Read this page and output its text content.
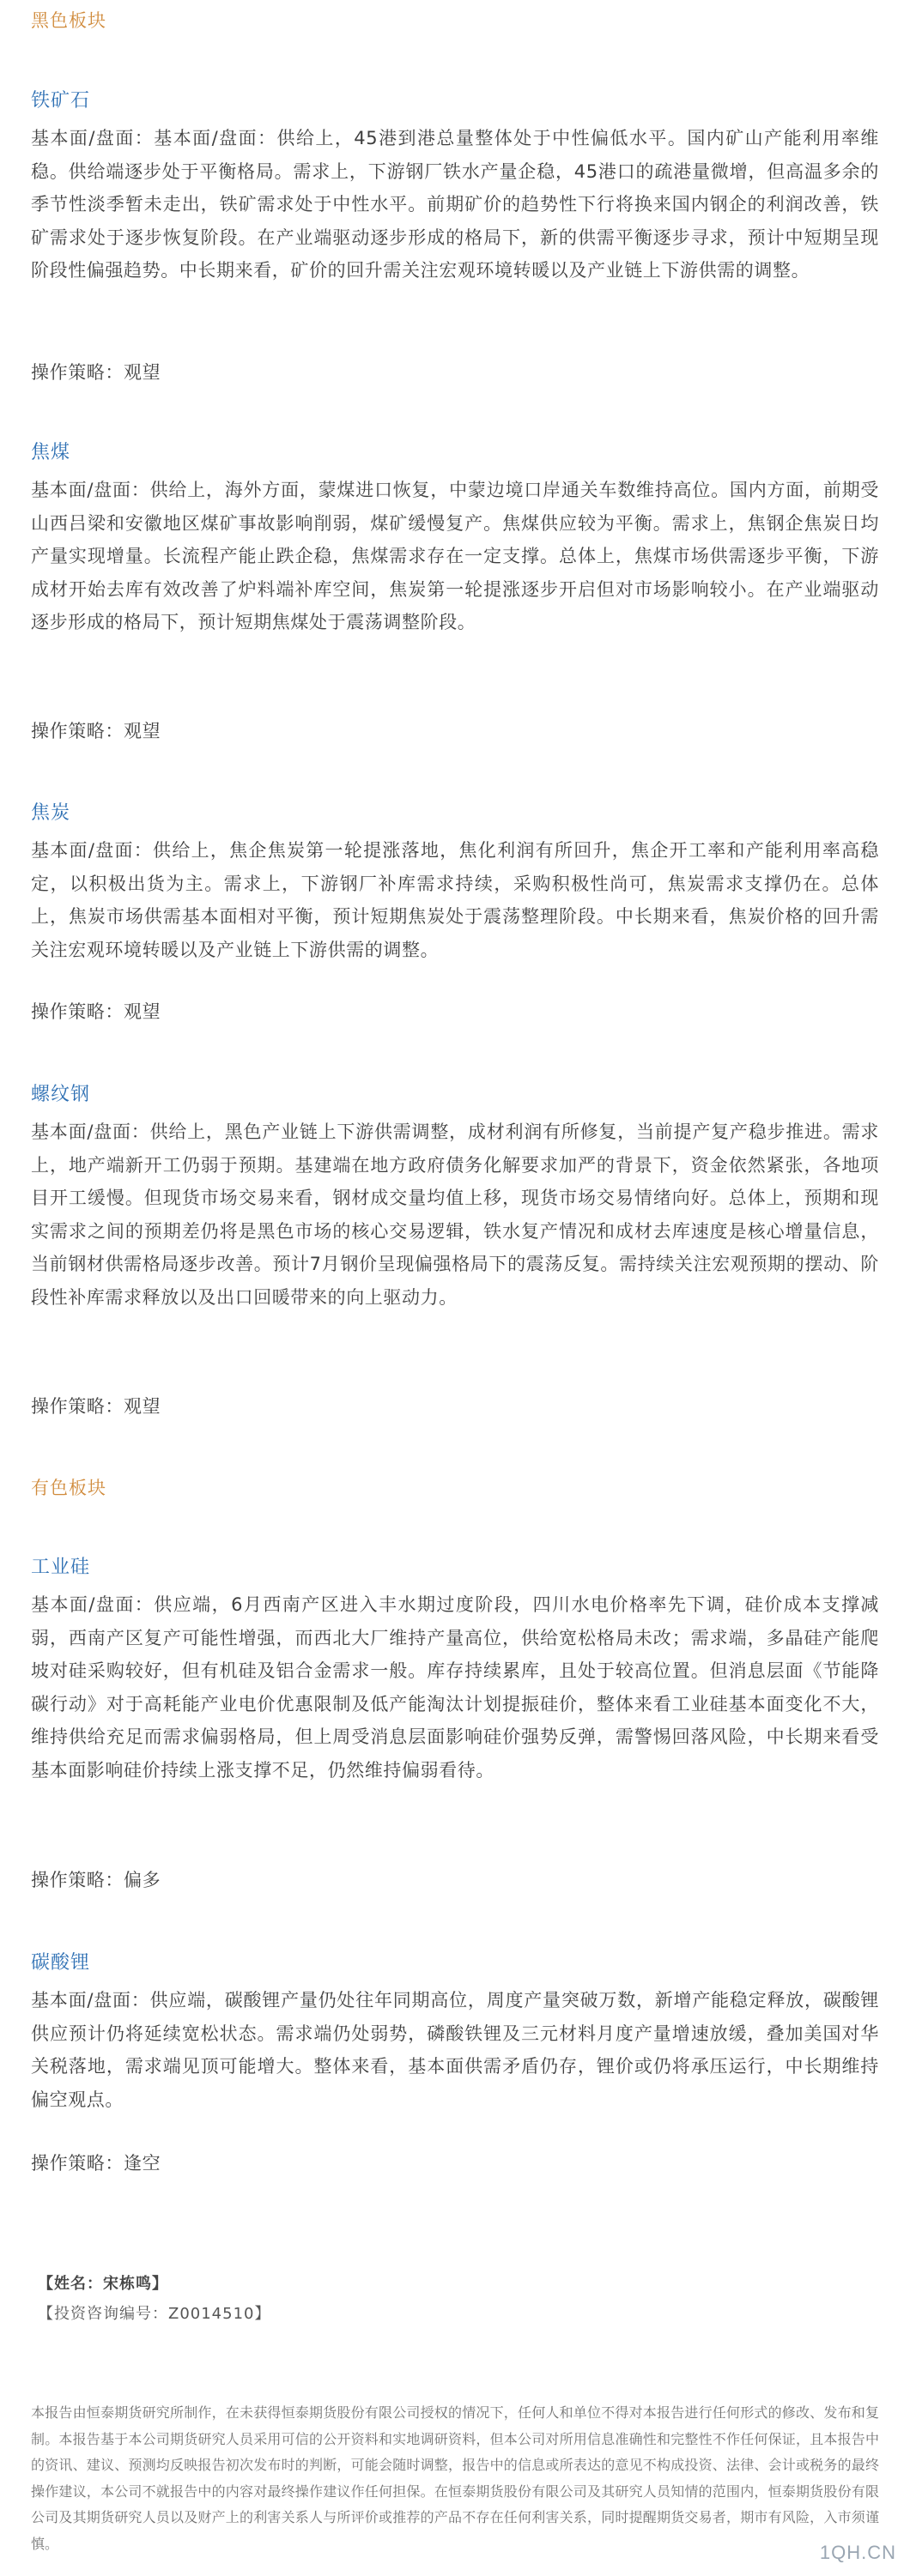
黑色板块
铁矿石

基本面/盘面：基本面/盘面：供给上，45港到港总量整体处于中性偏低水平。国内矿山产能利用率维稳。供给端逐步处于平衡格局。需求上，下游钢厂铁水产量企稳，45港口的疏港量微增，但高温多余的季节性淡季暂未走出，铁矿需求处于中性水平。前期矿价的趋势性下行将换来国内钢企的利润改善，铁矿需求处于逐步恢复阶段。在产业端驱动逐步形成的格局下，新的供需平衡逐步寻求，预计中短期呈现阶段性偏强趋势。中长期来看，矿价的回升需关注宏观环境转暖以及产业链上下游供需的调整。

操作策略：观望
焦煤

基本面/盘面：供给上，海外方面，蒙煤进口恢复，中蒙边境口岸通关车数维持高位。国内方面，前期受山西吕梁和安徽地区煤矿事故影响削弱，煤矿缓慢复产。焦煤供应较为平衡。需求上，焦钢企焦炭日均产量实现增量。长流程产能止跌企稳，焦煤需求存在一定支撑。总体上，焦煤市场供需逐步平衡，下游成材开始去库有效改善了炉料端补库空间，焦炭第一轮提涨逐步开启但对市场影响较小。在产业端驱动逐步形成的格局下，预计短期焦煤处于震荡调整阶段。

操作策略：观望
焦炭

基本面/盘面：供给上，焦企焦炭第一轮提涨落地，焦化利润有所回升，焦企开工率和产能利用率高稳定，以积极出货为主。需求上，下游钢厂补库需求持续，采购积极性尚可，焦炭需求支撑仍在。总体上，焦炭市场供需基本面相对平衡，预计短期焦炭处于震荡整理阶段。中长期来看，焦炭价格的回升需关注宏观环境转暖以及产业链上下游供需的调整。

操作策略：观望
螺纹钢

基本面/盘面：供给上，黑色产业链上下游供需调整，成材利润有所修复，当前提产复产稳步推进。需求上，地产端新开工仍弱于预期。基建端在地方政府债务化解要求加严的背景下，资金依然紧张，各地项目开工缓慢。但现货市场交易来看，钢材成交量均值上移，现货市场交易情绪向好。总体上，预期和现实需求之间的预期差仍将是黑色市场的核心交易逻辑，铁水复产情况和成材去库速度是核心增量信息，当前钢材供需格局逐步改善。预计7月钢价呈现偏强格局下的震荡反复。需持续关注宏观预期的摆动、阶段性补库需求释放以及出口回暖带来的向上驱动力。

操作策略：观望
有色板块
工业硅

基本面/盘面：供应端，6月西南产区进入丰水期过度阶段，四川水电价格率先下调，硅价成本支撑减弱，西南产区复产可能性增强，而西北大厂维持产量高位，供给宽松格局未改；需求端，多晶硅产能爬坡对硅采购较好，但有机硅及铝合金需求一般。库存持续累库，且处于较高位置。但消息层面《节能降碳行动》对于高耗能产业电价优惠限制及低产能淘汰计划提振硅价，整体来看工业硅基本面变化不大，维持供给充足而需求偏弱格局，但上周受消息层面影响硅价强势反弹，需警惕回落风险，中长期来看受基本面影响硅价持续上涨支撑不足，仍然维持偏弱看待。

操作策略：偏多
碳酸锂

基本面/盘面：供应端，碳酸锂产量仍处往年同期高位，周度产量突破万数，新增产能稳定释放，碳酸锂供应预计仍将延续宽松状态。需求端仍处弱势，磷酸铁锂及三元材料月度产量增速放缓，叠加美国对华关税落地，需求端见顶可能增大。整体来看，基本面供需矛盾仍存，锂价或仍将承压运行，中长期维持偏空观点。

操作策略：逢空
【姓名：宋栋鸣】
【投资咨询编号：Z0014510】

本报告由恒泰期货研究所制作，在未获得恒泰期货股份有限公司授权的情况下，任何人和单位不得对本报告进行任何形式的修改、发布和复制。本报告基于本公司期货研究人员采用可信的公开资料和实地调研资料，但本公司对所用信息准确性和完整性不作任何保证，且本报告中的资讯、建议、预测均反映报告初次发布时的判断，可能会随时调整，报告中的信息或所表达的意见不构成投资、法律、会计或税务的最终操作建议，本公司不就报告中的内容对最终操作建议作任何担保。在恒泰期货股份有限公司及其研究人员知情的范围内，恒泰期货股份有限公司及其期货研究人员以及财产上的利害关系人与所评价或推荐的产品不存在任何利害关系，同时提醒期货交易者，期市有风险，入市须谨慎。	1QH.CN
